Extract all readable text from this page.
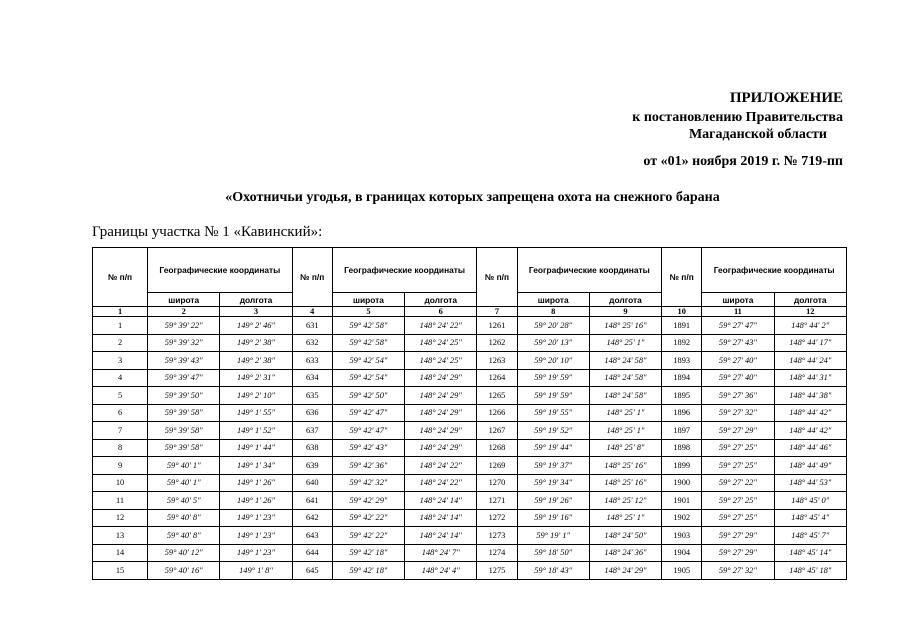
ПРИЛОЖЕНИЕ
к постановлению Правительства
Магаданской области
от «01» ноября 2019 г. № 719-пп
«Охотничьи угодья, в границах которых запрещена охота на снежного барана
Границы участка № 1 «Кавинский»:
№ п/п	Географические координаты		№ п/п	Географические координаты		№ п/п	Географические координаты		№ п/п	Географические координаты	
	широта	долгота		широта	долгота		широта	долгота		широта	долгота
1	2	3	4	5	6	7	8	9	10	11	12
1	59° 39' 22"	149° 2' 46"	631	59° 42' 58"	148° 24' 22"	1261	59° 20' 28"	148° 25' 16"	1891	59° 27' 47"	148° 44' 2"
2	59° 39' 32"	149° 2' 38"	632	59° 42' 58"	148° 24' 25"	1262	59° 20' 13"	148° 25' 1"	1892	59° 27' 43"	148° 44' 17"
3	59° 39' 43"	149° 2' 38"	633	59° 42' 54"	148° 24' 25"	1263	59° 20' 10"	148° 24' 58"	1893	59° 27' 40"	148° 44' 24"
4	59° 39' 47"	149° 2' 31"	634	59° 42' 54"	148° 24' 29"	1264	59° 19' 59"	148° 24' 58"	1894	59° 27' 40"	148° 44' 31"
5	59° 39' 50"	149° 2' 10"	635	59° 42' 50"	148° 24' 29"	1265	59° 19' 59"	148° 24' 58"	1895	59° 27' 36"	148° 44' 38"
6	59° 39' 58"	149° 1' 55"	636	59° 42' 47"	148° 24' 29"	1266	59° 19' 55"	148° 25' 1"	1896	59° 27' 32"	148° 44' 42"
7	59° 39' 58"	149° 1' 52"	637	59° 42' 47"	148° 24' 29"	1267	59° 19' 52"	148° 25' 1"	1897	59° 27' 29"	148° 44' 42"
8	59° 39' 58"	149° 1' 44"	638	59° 42' 43"	148° 24' 29"	1268	59° 19' 44"	148° 25' 8"	1898	59° 27' 25"	148° 44' 46"
9	59° 40' 1"	149° 1' 34"	639	59° 42' 36"	148° 24' 22"	1269	59° 19' 37"	148° 25' 16"	1899	59° 27' 25"	148° 44' 49"
10	59° 40' 1"	149° 1' 26"	640	59° 42' 32"	148° 24' 22"	1270	59° 19' 34"	148° 25' 16"	1900	59° 27' 22"	148° 44' 53"
11	59° 40' 5"	149° 1' 26"	641	59° 42' 29"	148° 24' 14"	1271	59° 19' 26"	148° 25' 12"	1901	59° 27' 25"	148° 45' 0"
12	59° 40' 8"	149° 1' 23"	642	59° 42' 22"	148° 24' 14"	1272	59° 19' 16"	148° 25' 1"	1902	59° 27' 25"	148° 45' 4"
13	59° 40' 8"	149° 1' 23"	643	59° 42' 22"	148° 24' 14"	1273	59° 19' 1"	148° 24' 50"	1903	59° 27' 29"	148° 45' 7"
14	59° 40' 12"	149° 1' 23"	644	59° 42' 18"	148° 24' 7"	1274	59° 18' 50"	148° 24' 36"	1904	59° 27' 29"	148° 45' 14"
15	59° 40' 16"	149° 1' 8"	645	59° 42' 18"	148° 24' 4"	1275	59° 18' 43"	148° 24' 29"	1905	59° 27' 32"	148° 45' 18"
